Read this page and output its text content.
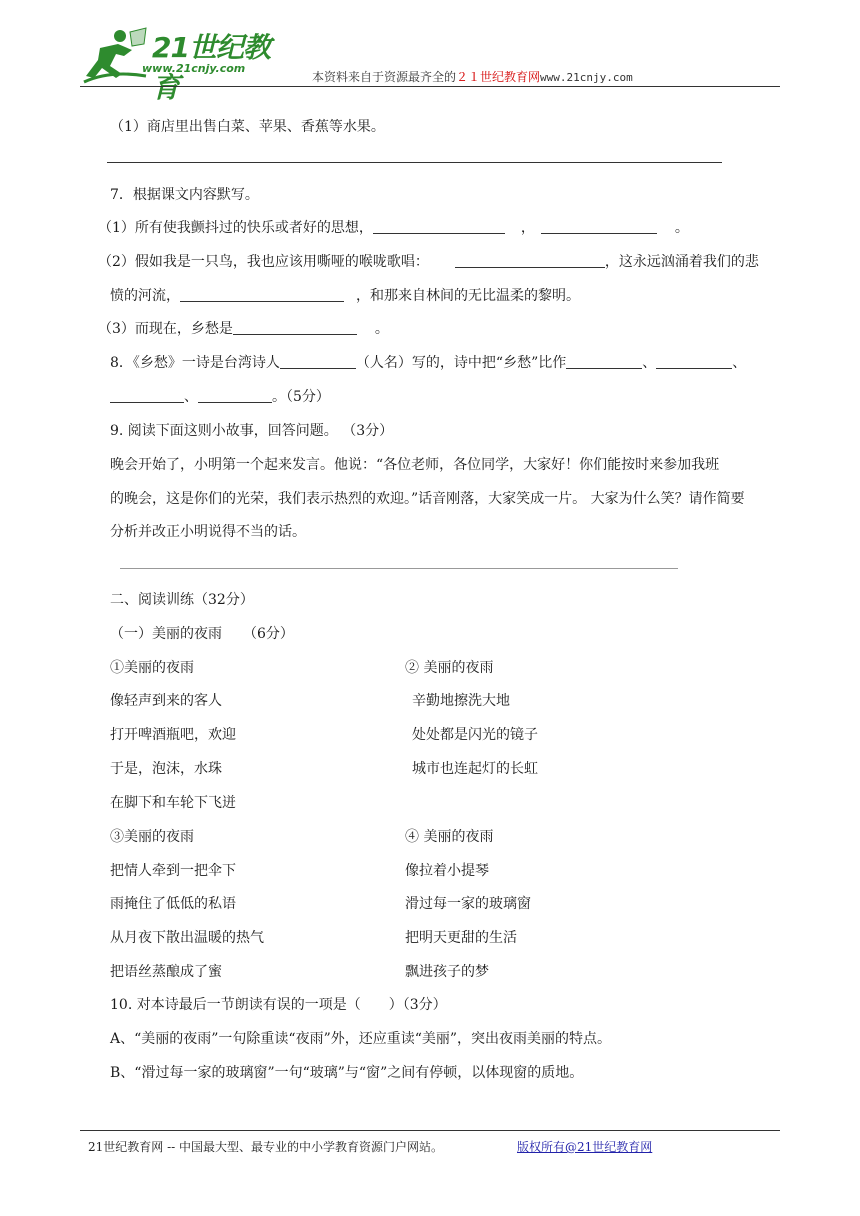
21世纪教育
www.21cnjy.com
本资料来自于资源最齐全的２１世纪教育网www.21cnjy.com
（1）商店里出售白菜、苹果、香蕉等水果。
7．根据课文内容默写。
（1）所有使我颤抖过的快乐或者好的思想，	，	。
（2）假如我是一只鸟，我也应该用嘶哑的喉咙歌唱：	，这永远汹涌着我们的悲
愤的河流，	，和那来自林间的无比温柔的黎明。
（3）而现在，乡愁是	。
8．《乡愁》一诗是台湾诗人	（人名）写的，诗中把“乡愁”比作	、	、
、	。（5分）
9. 阅读下面这则小故事，回答问题。 （3分）
晚会开始了，小明第一个起来发言。他说：“各位老师，各位同学，大家好！你们能按时来参加我班
的晚会，这是你们的光荣，我们表示热烈的欢迎。”话音刚落，大家笑成一片。 大家为什么笑？请作简要
分析并改正小明说得不当的话。
二、阅读训练（32分）
（一）美丽的夜雨　　（6分）
①美丽的夜雨
像轻声到来的客人
打开啤酒瓶吧，欢迎
于是，泡沫，水珠
在脚下和车轮下飞迸
② 美丽的夜雨
辛勤地擦洗大地
处处都是闪光的镜子
城市也连起灯的长虹
③美丽的夜雨
把情人牵到一把伞下
雨掩住了低低的私语
从月夜下散出温暖的热气
把语丝蒸酿成了蜜
④ 美丽的夜雨
像拉着小提琴
滑过每一家的玻璃窗
把明天更甜的生活
飘进孩子的梦
10. 对本诗最后一节朗读有误的一项是（　　）（3分）
A、“美丽的夜雨”一句除重读“夜雨”外，还应重读“美丽”，突出夜雨美丽的特点。
B、“滑过每一家的玻璃窗”一句“玻璃”与“窗”之间有停顿，以体现窗的质地。
21世纪教育网 -- 中国最大型、最专业的中小学教育资源门户网站。	版权所有@21世纪教育网
